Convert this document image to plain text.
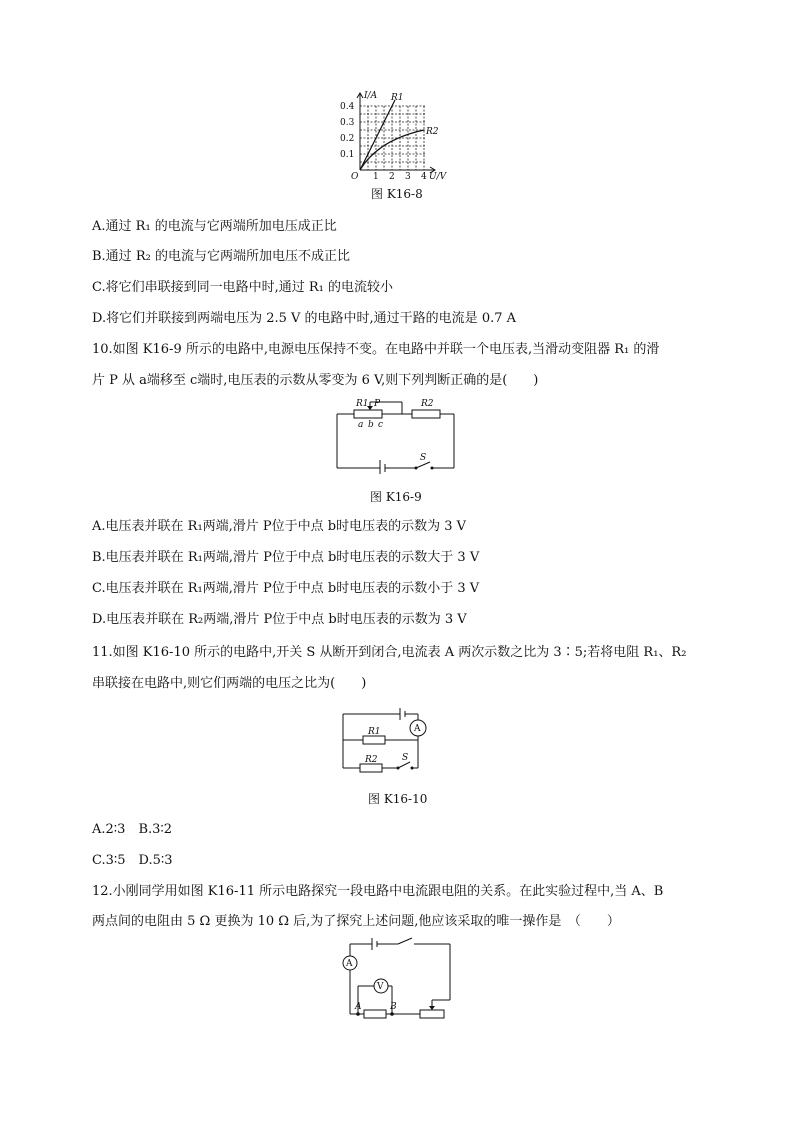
0.4
0.3
0.2
0.1
1 2 3 4
O
I/A
U/V
R1
R2
图 K16-8
A.通过 R₁ 的电流与它两端所加电压成正比
B.通过 R₂ 的电流与它两端所加电压不成正比
C.将它们串联接到同一电路中时,通过 R₁ 的电流较小
D.将它们并联接到两端电压为 2.5 V 的电路中时,通过干路的电流是 0.7 A
10.如图 K16-9 所示的电路中,电源电压保持不变。在电路中并联一个电压表,当滑动变阻器 R₁ 的滑
片 P 从 a端移至 c端时,电压表的示数从零变为 6 V,则下列判断正确的是(　　)
R1 P	R2
a b c
S
图 K16-9
A.电压表并联在 R₁两端,滑片 P位于中点 b时电压表的示数为 3 V
B.电压表并联在 R₁两端,滑片 P位于中点 b时电压表的示数大于 3 V
C.电压表并联在 R₁两端,滑片 P位于中点 b时电压表的示数小于 3 V
D.电压表并联在 R₂两端,滑片 P位于中点 b时电压表的示数为 3 V
11.如图 K16-10 所示的电路中,开关 S 从断开到闭合,电流表 A 两次示数之比为 3∶5;若将电阻 R₁、R₂
串联接在电路中,则它们两端的电压之比为(　　)
A
R1
R2	S
图 K16-10
A.2∶3　B.3∶2
C.3∶5　D.5∶3
12.小刚同学用如图 K16-11 所示电路探究一段电路中电流跟电阻的关系。在此实验过程中,当 A、B
两点间的电阻由 5 Ω 更换为 10 Ω 后,为了探究上述问题,他应该采取的唯一操作是　（　　）
A
V
A	B
